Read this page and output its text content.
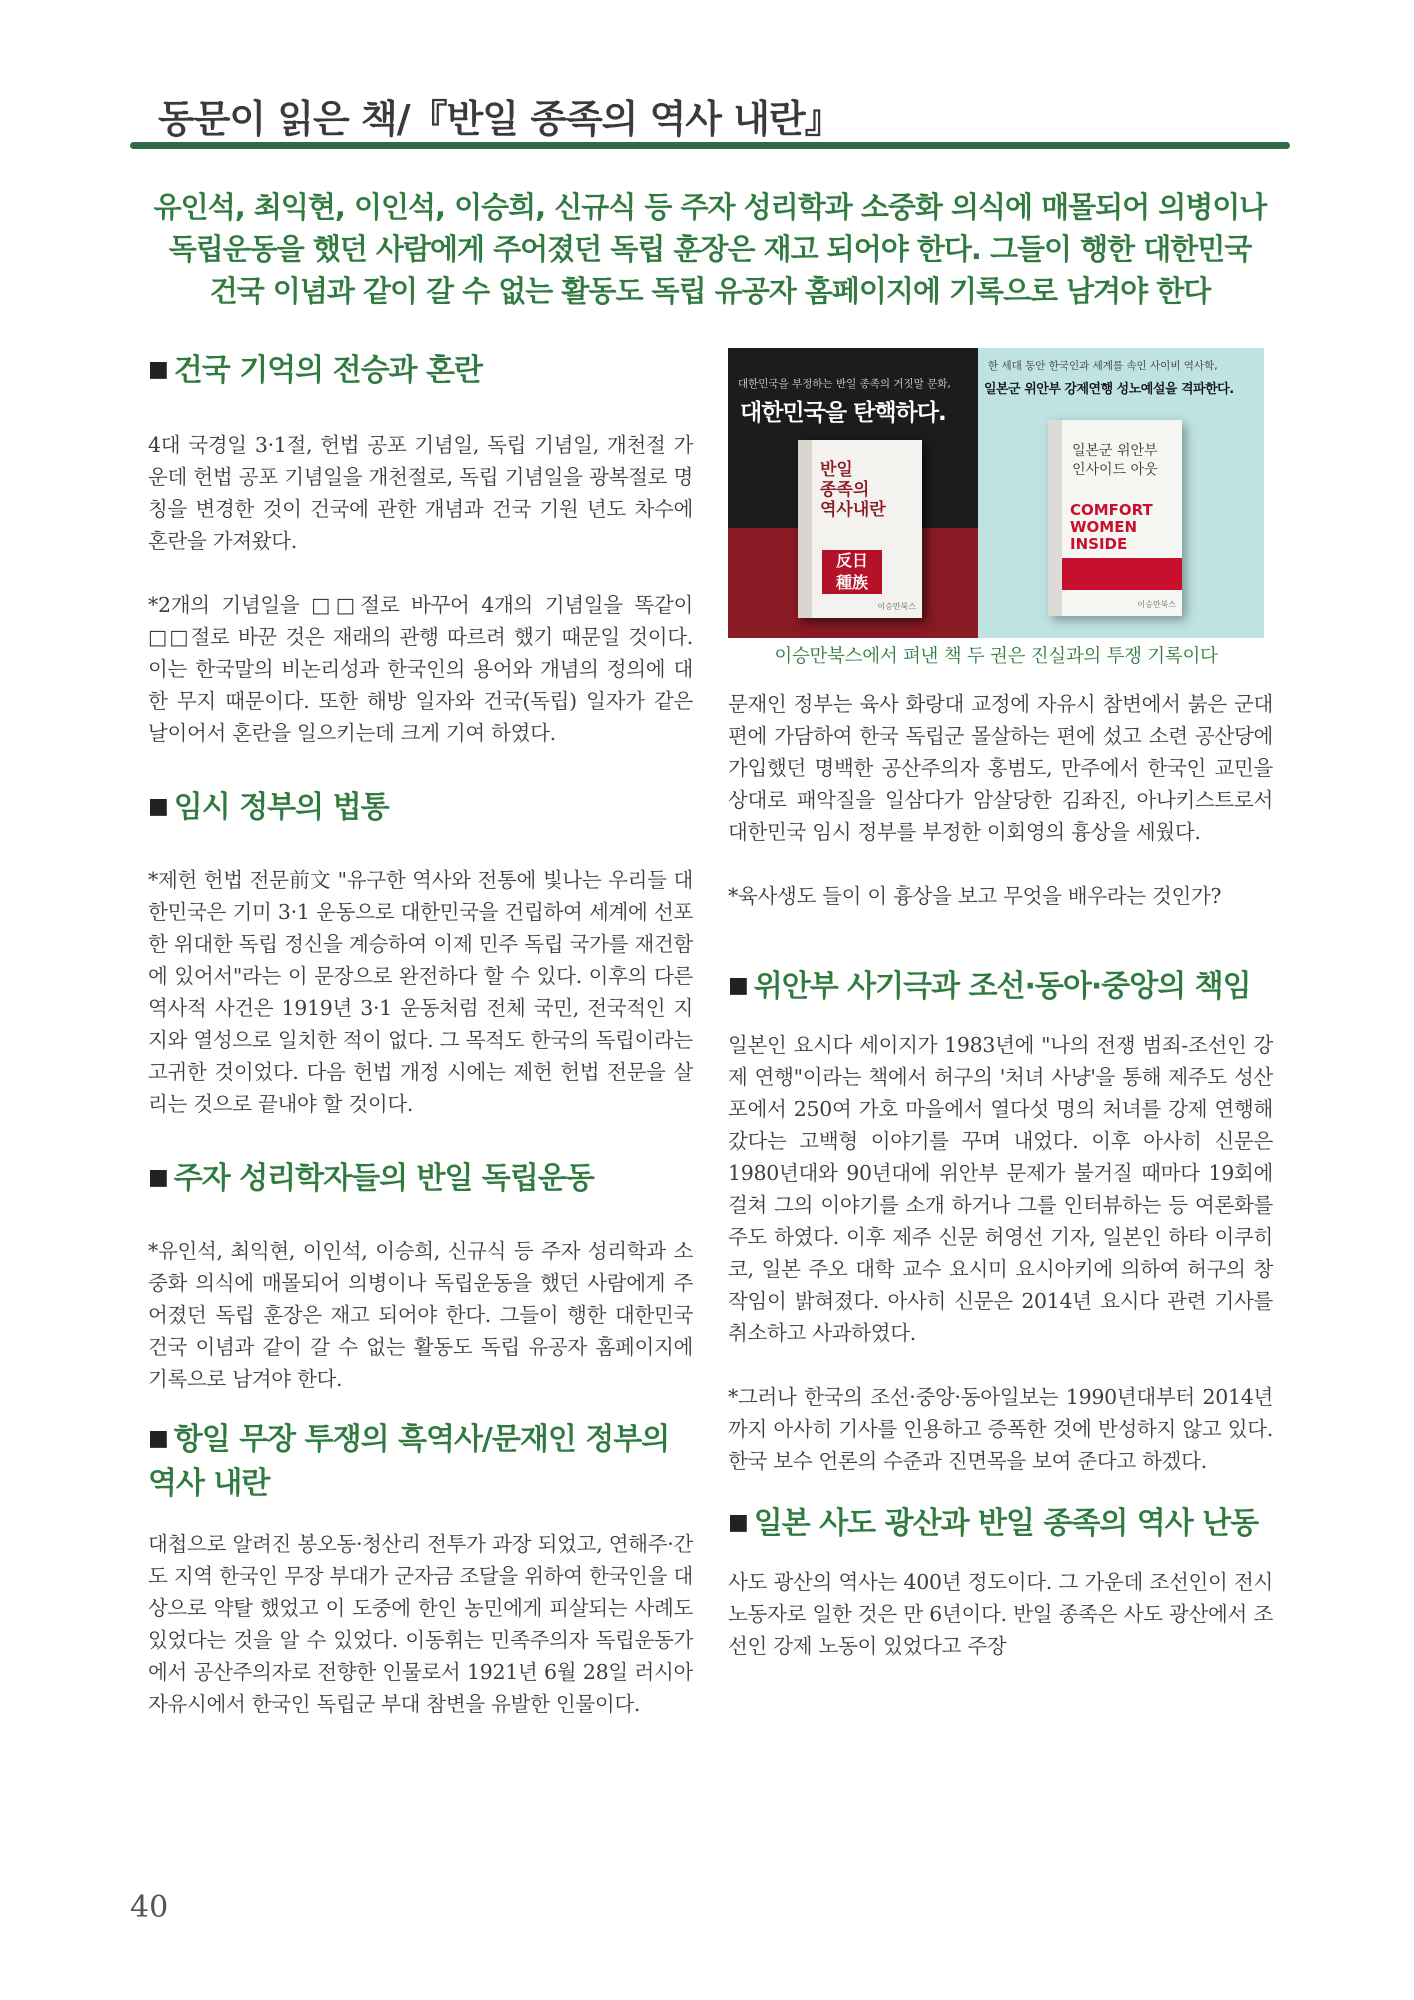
동문이 읽은 책/『반일 종족의 역사 내란』
유인석, 최익현, 이인석, 이승희, 신규식 등 주자 성리학과 소중화 의식에 매몰되어 의병이나
독립운동을 했던 사람에게 주어졌던 독립 훈장은 재고 되어야 한다. 그들이 행한 대한민국
건국 이념과 같이 갈 수 없는 활동도 독립 유공자 홈페이지에 기록으로 남겨야 한다
■ 건국 기억의 전승과 혼란

4대 국경일 3·1절, 헌법 공포 기념일, 독립 기념일, 개천절 가운데 헌법 공포 기념일을 개천절로, 독립 기념일을 광복절로 명칭을 변경한 것이 건국에 관한 개념과 건국 기원 년도 차수에 혼란을 가져왔다.

*2개의 기념일을 □□절로 바꾸어 4개의 기념일을 똑같이 □□절로 바꾼 것은 재래의 관행 따르려 했기 때문일 것이다. 이는 한국말의 비논리성과 한국인의 용어와 개념의 정의에 대한 무지 때문이다. 또한 해방 일자와 건국(독립) 일자가 같은 날이어서 혼란을 일으키는데 크게 기여 하였다.

■ 임시 정부의 법통

*제헌 헌법 전문前文 "유구한 역사와 전통에 빛나는 우리들 대한민국은 기미 3·1 운동으로 대한민국을 건립하여 세계에 선포한 위대한 독립 정신을 계승하여 이제 민주 독립 국가를 재건함에 있어서"라는 이 문장으로 완전하다 할 수 있다. 이후의 다른 역사적 사건은 1919년 3·1 운동처럼 전체 국민, 전국적인 지지와 열성으로 일치한 적이 없다. 그 목적도 한국의 독립이라는 고귀한 것이었다. 다음 헌법 개정 시에는 제헌 헌법 전문을 살리는 것으로 끝내야 할 것이다.

■ 주자 성리학자들의 반일 독립운동

*유인석, 최익현, 이인석, 이승희, 신규식 등 주자 성리학과 소중화 의식에 매몰되어 의병이나 독립운동을 했던 사람에게 주어졌던 독립 훈장은 재고 되어야 한다. 그들이 행한 대한민국 건국 이념과 같이 갈 수 없는 활동도 독립 유공자 홈페이지에 기록으로 남겨야 한다.

■ 항일 무장 투쟁의 흑역사/문재인 정부의 역사 내란

대첩으로 알려진 봉오동·청산리 전투가 과장 되었고, 연해주·간도 지역 한국인 무장 부대가 군자금 조달을 위하여 한국인을 대상으로 약탈 했었고 이 도중에 한인 농민에게 피살되는 사례도 있었다는 것을 알 수 있었다. 이동휘는 민족주의자 독립운동가에서 공산주의자로 전향한 인물로서 1921년 6월 28일 러시아 자유시에서 한국인 독립군 부대 참변을 유발한 인물이다.

대한민국을 부정하는 반일 종족의 거짓말 문화,
대한민국을 탄핵하다.
반일
종족의
역사내란
反日
種族
이승만북스
한 세대 동안 한국인과 세계를 속인 사이비 역사학,
일본군 위안부 강제연행 성노예설을 격파한다.
일본군 위안부
인사이드 아웃
COMFORT
WOMEN
INSIDE
이승만북스

이승만북스에서 펴낸 책 두 권은 진실과의 투쟁 기록이다

문재인 정부는 육사 화랑대 교정에 자유시 참변에서 붉은 군대 편에 가담하여 한국 독립군 몰살하는 편에 섰고 소련 공산당에 가입했던 명백한 공산주의자 홍범도, 만주에서 한국인 교민을 상대로 패악질을 일삼다가 암살당한 김좌진, 아나키스트로서 대한민국 임시 정부를 부정한 이회영의 흉상을 세웠다.

*육사생도 들이 이 흉상을 보고 무엇을 배우라는 것인가?

■ 위안부 사기극과 조선·동아·중앙의 책임

일본인 요시다 세이지가 1983년에 "나의 전쟁 범죄-조선인 강제 연행"이라는 책에서 허구의 '처녀 사냥'을 통해 제주도 성산포에서 250여 가호 마을에서 열다섯 명의 처녀를 강제 연행해 갔다는 고백형 이야기를 꾸며 내었다. 이후 아사히 신문은 1980년대와 90년대에 위안부 문제가 불거질 때마다 19회에 걸쳐 그의 이야기를 소개 하거나 그를 인터뷰하는 등 여론화를 주도 하였다. 이후 제주 신문 허영선 기자, 일본인 하타 이쿠히코, 일본 주오 대학 교수 요시미 요시아키에 의하여 허구의 창작임이 밝혀졌다. 아사히 신문은 2014년 요시다 관련 기사를 취소하고 사과하였다.

*그러나 한국의 조선·중앙·동아일보는 1990년대부터 2014년까지 아사히 기사를 인용하고 증폭한 것에 반성하지 않고 있다. 한국 보수 언론의 수준과 진면목을 보여 준다고 하겠다.

■ 일본 사도 광산과 반일 종족의 역사 난동

사도 광산의 역사는 400년 정도이다. 그 가운데 조선인이 전시 노동자로 일한 것은 만 6년이다. 반일 종족은 사도 광산에서 조선인 강제 노동이 있었다고 주장

40
